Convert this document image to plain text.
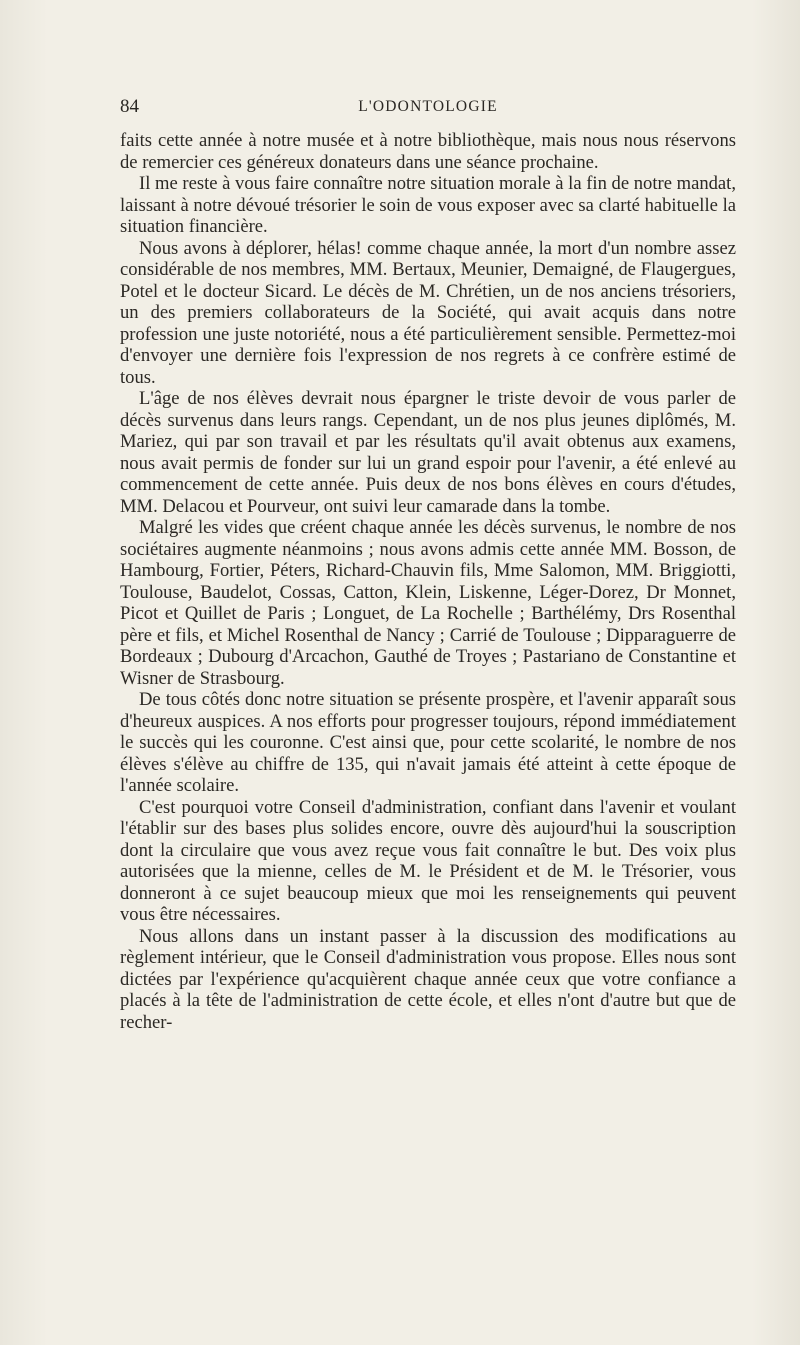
84	L'ODONTOLOGIE

faits cette année à notre musée et à notre bibliothèque, mais nous nous réservons de remercier ces généreux donateurs dans une séance prochaine.

Il me reste à vous faire connaître notre situation morale à la fin de notre mandat, laissant à notre dévoué trésorier le soin de vous exposer avec sa clarté habituelle la situation financière.

Nous avons à déplorer, hélas! comme chaque année, la mort d'un nombre assez considérable de nos membres, MM. Bertaux, Meunier, Demaigné, de Flaugergues, Potel et le docteur Sicard. Le décès de M. Chrétien, un de nos anciens trésoriers, un des premiers collaborateurs de la Société, qui avait acquis dans notre profession une juste notoriété, nous a été particulièrement sensible. Permettez-moi d'envoyer une dernière fois l'expression de nos regrets à ce confrère estimé de tous.

L'âge de nos élèves devrait nous épargner le triste devoir de vous parler de décès survenus dans leurs rangs. Cependant, un de nos plus jeunes diplômés, M. Mariez, qui par son travail et par les résultats qu'il avait obtenus aux examens, nous avait permis de fonder sur lui un grand espoir pour l'avenir, a été enlevé au commencement de cette année. Puis deux de nos bons élèves en cours d'études, MM. Delacou et Pourveur, ont suivi leur camarade dans la tombe.

Malgré les vides que créent chaque année les décès survenus, le nombre de nos sociétaires augmente néanmoins ; nous avons admis cette année MM. Bosson, de Hambourg, Fortier, Péters, Richard-Chauvin fils, Mme Salomon, MM. Briggiotti, Toulouse, Baudelot, Cossas, Catton, Klein, Liskenne, Léger-Dorez, Dr Monnet, Picot et Quillet de Paris ; Longuet, de La Rochelle ; Barthélémy, Drs Rosenthal père et fils, et Michel Rosenthal de Nancy ; Carrié de Toulouse ; Dipparaguerre de Bordeaux ; Dubourg d'Arcachon, Gauthé de Troyes ; Pastariano de Constantine et Wisner de Strasbourg.

De tous côtés donc notre situation se présente prospère, et l'avenir apparaît sous d'heureux auspices. A nos efforts pour progresser toujours, répond immédiatement le succès qui les couronne. C'est ainsi que, pour cette scolarité, le nombre de nos élèves s'élève au chiffre de 135, qui n'avait jamais été atteint à cette époque de l'année scolaire.

C'est pourquoi votre Conseil d'administration, confiant dans l'avenir et voulant l'établir sur des bases plus solides encore, ouvre dès aujourd'hui la souscription dont la circulaire que vous avez reçue vous fait connaître le but. Des voix plus autorisées que la mienne, celles de M. le Président et de M. le Trésorier, vous donneront à ce sujet beaucoup mieux que moi les renseignements qui peuvent vous être nécessaires.

Nous allons dans un instant passer à la discussion des modifications au règlement intérieur, que le Conseil d'administration vous propose. Elles nous sont dictées par l'expérience qu'acquièrent chaque année ceux que votre confiance a placés à la tête de l'administration de cette école, et elles n'ont d'autre but que de recher-
